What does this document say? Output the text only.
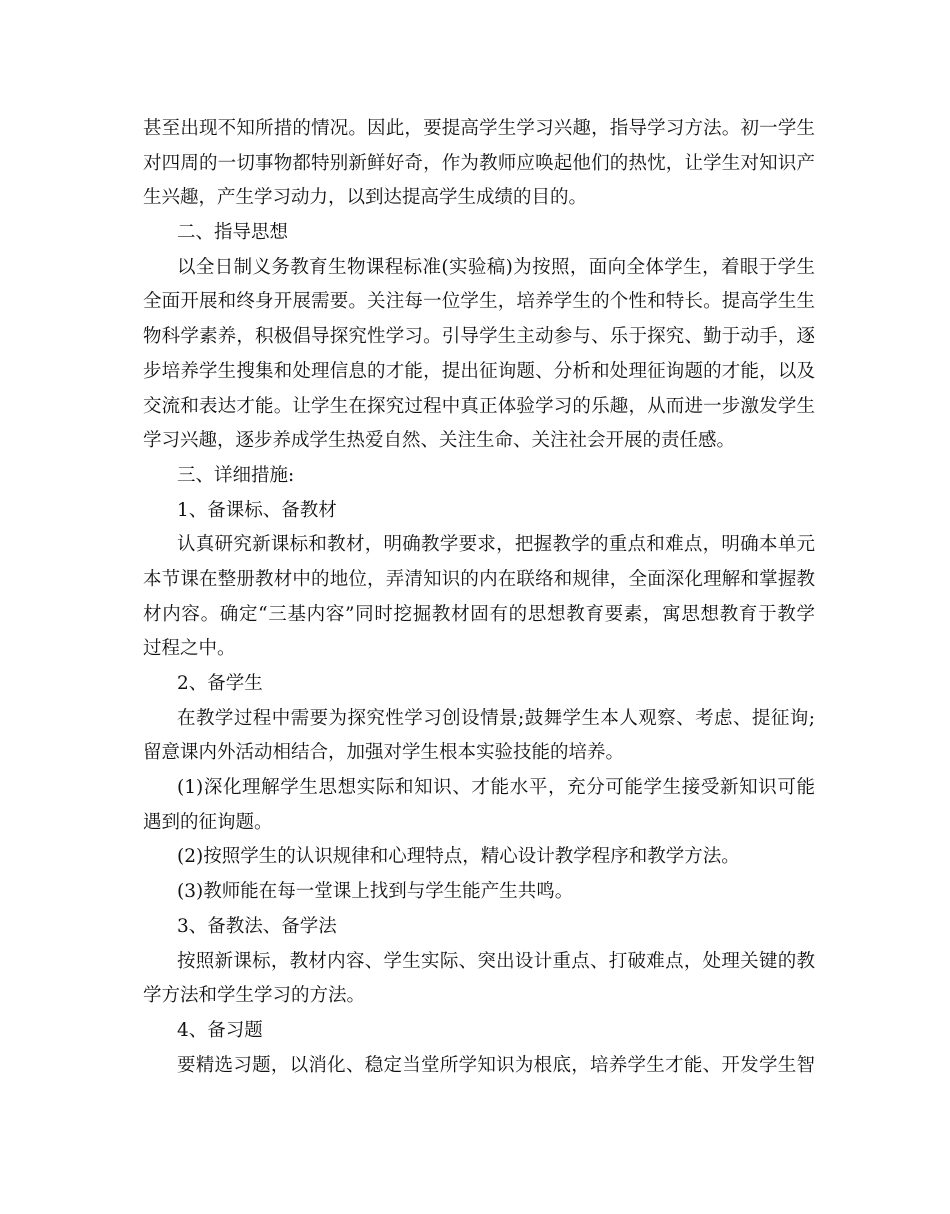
甚至出现不知所措的情况。因此，要提高学生学习兴趣，指导学习方法。初一学生
对四周的一切事物都特别新鲜好奇，作为教师应唤起他们的热忱，让学生对知识产
生兴趣，产生学习动力，以到达提高学生成绩的目的。
二、指导思想
以全日制义务教育生物课程标准(实验稿)为按照，面向全体学生，着眼于学生
全面开展和终身开展需要。关注每一位学生，培养学生的个性和特长。提高学生生
物科学素养，积极倡导探究性学习。引导学生主动参与、乐于探究、勤于动手，逐
步培养学生搜集和处理信息的才能，提出征询题、分析和处理征询题的才能，以及
交流和表达才能。让学生在探究过程中真正体验学习的乐趣，从而进一步激发学生
学习兴趣，逐步养成学生热爱自然、关注生命、关注社会开展的责任感。
三、详细措施:
1、备课标、备教材
认真研究新课标和教材，明确教学要求，把握教学的重点和难点，明确本单元
本节课在整册教材中的地位，弄清知识的内在联络和规律，全面深化理解和掌握教
材内容。确定“三基内容”同时挖掘教材固有的思想教育要素，寓思想教育于教学
过程之中。
2、备学生
在教学过程中需要为探究性学习创设情景;鼓舞学生本人观察、考虑、提征询;
留意课内外活动相结合，加强对学生根本实验技能的培养。
(1)深化理解学生思想实际和知识、才能水平，充分可能学生接受新知识可能
遇到的征询题。
(2)按照学生的认识规律和心理特点，精心设计教学程序和教学方法。
(3)教师能在每一堂课上找到与学生能产生共鸣。
3、备教法、备学法
按照新课标，教材内容、学生实际、突出设计重点、打破难点，处理关键的教
学方法和学生学习的方法。
4、备习题
要精选习题，以消化、稳定当堂所学知识为根底，培养学生才能、开发学生智
